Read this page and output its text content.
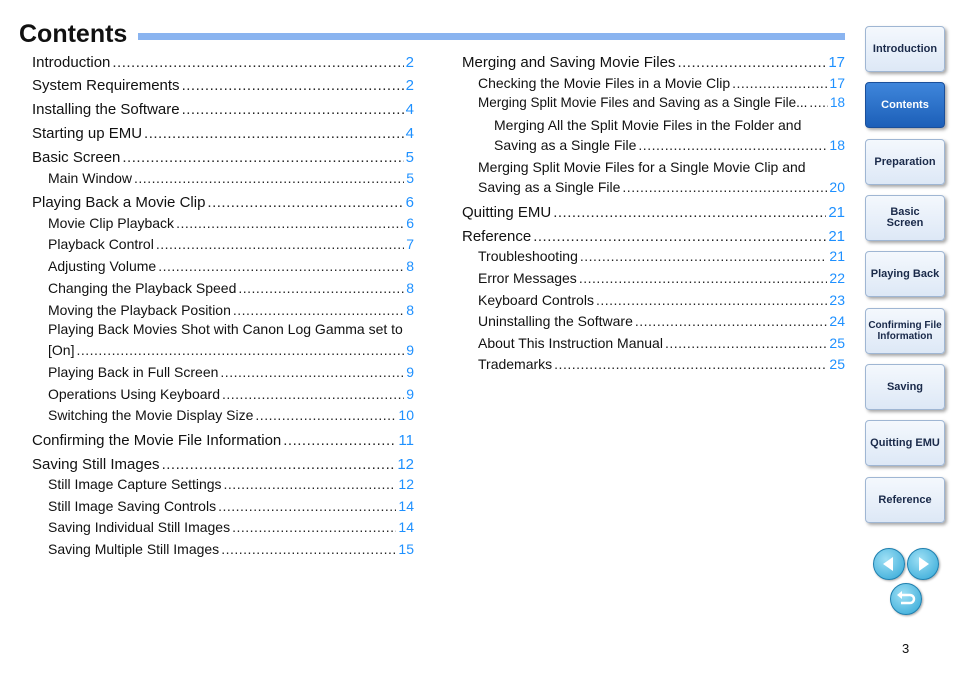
Contents
Introduction .....	2
System Requirements .....	2
Installing the Software .....	4
Starting up EMU .....	4
Basic Screen .....	5
Main Window .....	5
Playing Back a Movie Clip .....	6
Movie Clip Playback .....	6
Playback Control .....	7
Adjusting Volume .....	8
Changing the Playback Speed .....	8
Moving the Playback Position .....	8
Playing Back Movies Shot with Canon Log Gamma set to
[On] .....	9
Playing Back in Full Screen .....	9
Operations Using Keyboard .....	9
Switching the Movie Display Size .....	10
Confirming the Movie File Information .....	11
Saving Still Images .....	12
Still Image Capture Settings .....	12
Still Image Saving Controls .....	14
Saving Individual Still Images .....	14
Saving Multiple Still Images .....	15
Merging and Saving Movie Files .....	17
Checking the Movie Files in a Movie Clip .....	17
Merging Split Movie Files and Saving as a Single File... ..... 18
Merging All the Split Movie Files in the Folder and
Saving as a Single File .....	18
Merging Split Movie Files for a Single Movie Clip and
Saving as a Single File .....	20
Quitting EMU .....	21
Reference .....	21
Troubleshooting .....	21
Error Messages .....	22
Keyboard Controls .....	23
Uninstalling the Software .....	24
About This Instruction Manual .....	25
Trademarks .....	25
Introduction
Contents
Preparation
Basic Screen
Playing Back
Confirming File Information
Saving
Quitting EMU
Reference
3
